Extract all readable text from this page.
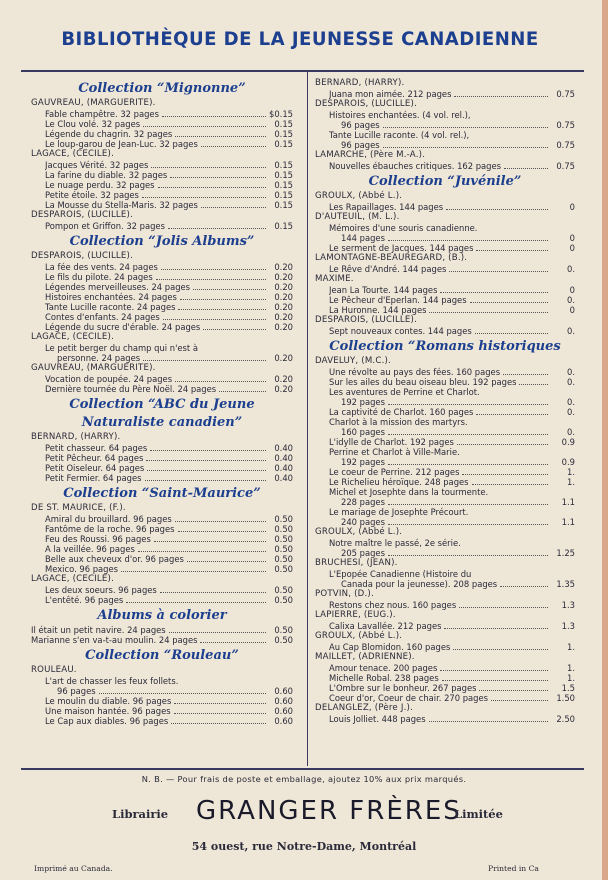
BIBLIOTHÈQUE DE LA JEUNESSE CANADIENNE
Collection “Mignonne”
GAUVREAU, (MARGUERITE).
Fable champêtre. 32 pages	$0.15
Le Clou volé. 32 pages	0.15
Légende du chagrin. 32 pages	0.15
Le loup-garou de Jean-Luc. 32 pages	0.15
LAGACE, (CECILE).
Jacques Vérité. 32 pages	0.15
La farine du diable. 32 pages	0.15
Le nuage perdu. 32 pages	0.15
Petite étoile. 32 pages	0.15
La Mousse du Stella-Maris. 32 pages	0.15
DESPAROIS, (LUCILLE).
Pompon et Griffon. 32 pages	0.15
Collection “Jolis Albums”
DESPAROIS, (LUCILLE).
La fée des vents. 24 pages	0.20
Le fils du pilote. 24 pages	0.20
Légendes merveilleuses. 24 pages	0.20
Histoires enchantées. 24 pages	0.20
Tante Lucille raconte. 24 pages	0.20
Contes d'enfants. 24 pages	0.20
Légende du sucre d'érable. 24 pages	0.20
LAGACE, (CECILE).
Le petit berger du champ qui n'est à
personne. 24 pages	0.20
GAUVREAU, (MARGUERITE).
Vocation de poupée. 24 pages	0.20
Dernière tournée du Père Noël. 24 pages	0.20
Collection “ABC du Jeune
Naturaliste canadien”
BERNARD, (HARRY).
Petit chasseur. 64 pages	0.40
Petit Pêcheur. 64 pages	0.40
Petit Oiseleur. 64 pages	0.40
Petit Fermier. 64 pages	0.40
Collection “Saint-Maurice”
DE ST. MAURICE, (F.).
Amiral du brouillard. 96 pages	0.50
Fantôme de la roche. 96 pages	0.50
Feu des Roussi. 96 pages	0.50
A la veillée. 96 pages	0.50
Belle aux cheveux d'or. 96 pages	0.50
Mexico. 96 pages	0.50
LAGACE, (CECILE).
Les deux soeurs. 96 pages	0.50
L'entêté. 96 pages	0.50
Albums à colorier
Il était un petit navire. 24 pages	0.50
Marianne s'en va-t-au moulin. 24 pages	0.50
Collection “Rouleau”
ROULEAU.
L'art de chasser les feux follets.
96 pages	0.60
Le moulin du diable. 96 pages	0.60
Une maison hantée. 96 pages	0.60
Le Cap aux diables. 96 pages	0.60
BERNARD, (HARRY).
Juana mon aimée. 212 pages	0.75
DESPAROIS, (LUCILLE).
Histoires enchantées. (4 vol. rel.),
96 pages	0.75
Tante Lucille raconte. (4 vol. rel.),
96 pages	0.75
LAMARCHE, (Père M.-A.).
Nouvelles ébauches critiques. 162 pages	0.75
Collection “Juvénile”
GROULX, (Abbé L.).
Les Rapaillages. 144 pages	0
D'AUTEUIL, (M. L.).
Mémoires d'une souris canadienne.
144 pages	0
Le serment de Jacques. 144 pages	0
LAMONTAGNE-BEAUREGARD, (B.).
Le Rêve d'André. 144 pages	0.
MAXIME.
Jean La Tourte. 144 pages	0
Le Pêcheur d'Eperlan. 144 pages	0.
La Huronne. 144 pages	0
DESPAROIS, (LUCILLE).
Sept nouveaux contes. 144 pages	0.
Collection “Romans historiques
DAVELUY, (M.C.).
Une révolte au pays des fées. 160 pages	0.
Sur les ailes du beau oiseau bleu. 192 pages	0.
Les aventures de Perrine et Charlot.
192 pages	0.
La captivité de Charlot. 160 pages	0.
Charlot à la mission des martyrs.
160 pages	0.
L'idylle de Charlot. 192 pages	0.9
Perrine et Charlot à Ville-Marie.
192 pages	0.9
Le coeur de Perrine. 212 pages	1.
Le Richelieu héroïque. 248 pages	1.
Michel et Josephte dans la tourmente.
228 pages	1.1
Le mariage de Josephte Précourt.
240 pages	1.1
GROULX, (Abbé L.).
Notre maître le passé, 2e série.
205 pages	1.25
BRUCHESI, (JEAN).
L'Epopée Canadienne (Histoire du
Canada pour la jeunesse). 208 pages	1.35
POTVIN, (D.).
Restons chez nous. 160 pages	1.3
LAPIERRE, (EUG.).
Calixa Lavallée. 212 pages	1.3
GROULX, (Abbé L.).
Au Cap Blomidon. 160 pages	1.
MAILLET, (ADRIENNE).
Amour tenace. 200 pages	1.
Michelle Robal. 238 pages	1.
L'Ombre sur le bonheur. 267 pages	1.5
Coeur d'or, Coeur de chair. 270 pages	1.50
DELANGLEZ, (Père J.).
Louis Jolliet. 448 pages	2.50
N. B. — Pour frais de poste et emballage, ajoutez 10% aux prix marqués.
Librairie GRANGER FRÈRES
Limitée
54 ouest, rue Notre-Dame, Montréal
Imprimé au Canada.	Printed in Ca
